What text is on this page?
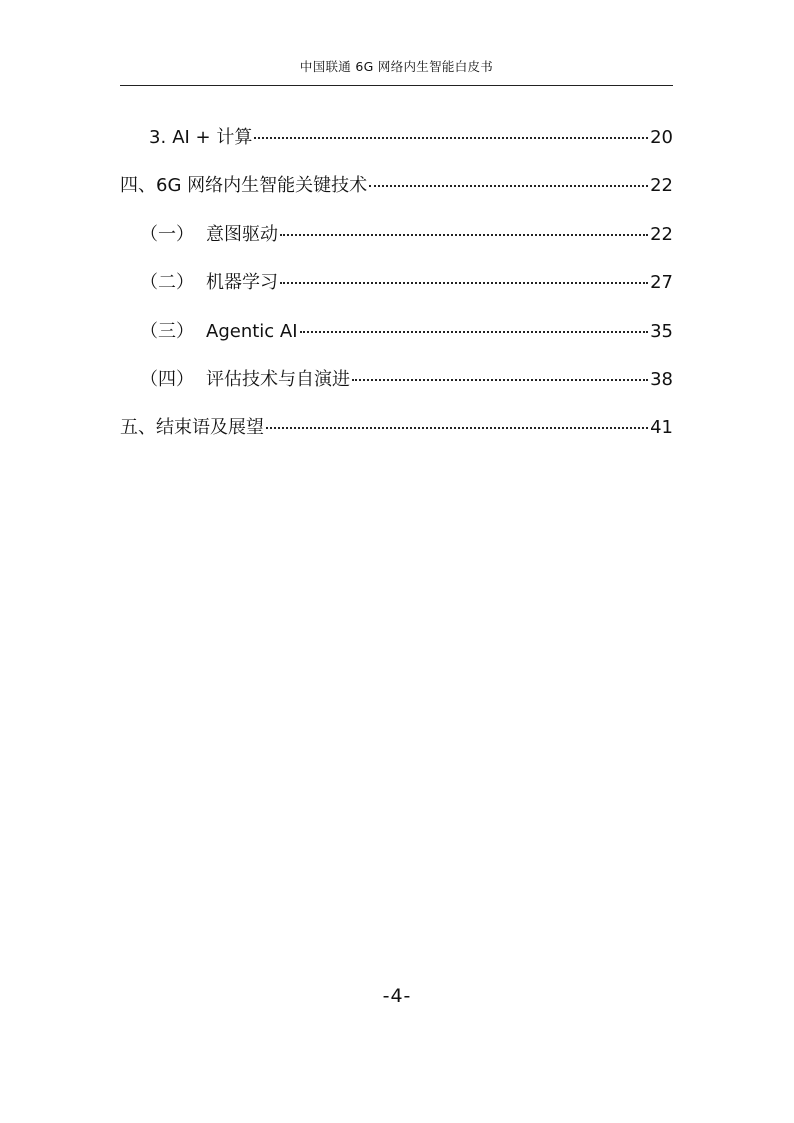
中国联通 6G 网络内生智能白皮书
3. AI + 计算	20
四、6G 网络内生智能关键技术	22
（一） 意图驱动	22
（二） 机器学习	27
（三） Agentic AI	35
（四） 评估技术与自演进	38
五、结束语及展望	41
-4-
